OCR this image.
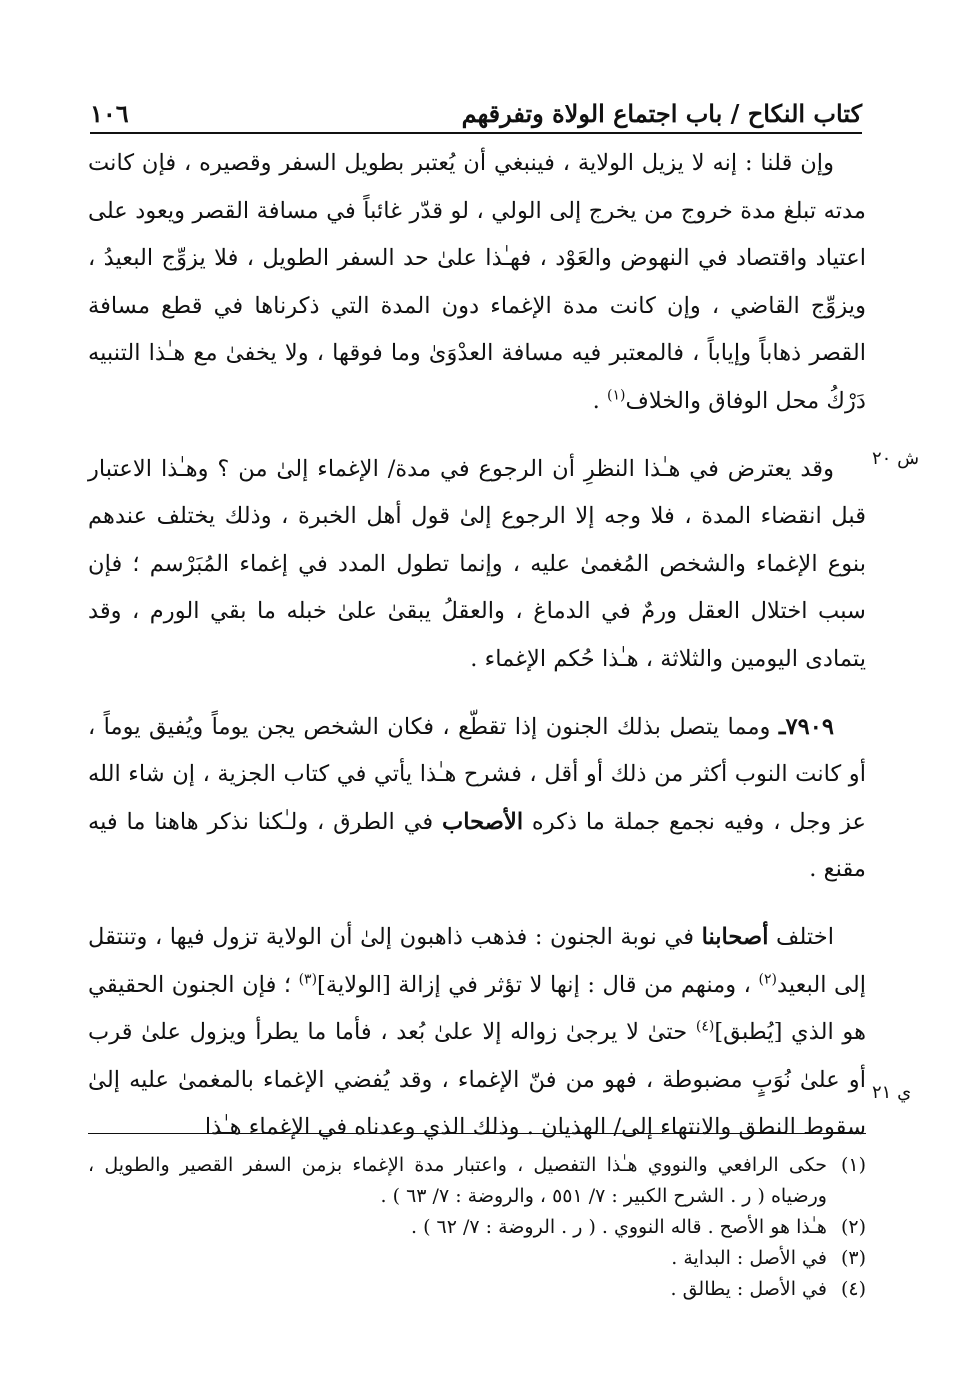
١٠٦	كتاب النكاح / باب اجتماع الولاة وتفرقهم

وإن قلنا : إنه لا يزيل الولاية ، فينبغي أن يُعتبر بطويل السفر وقصيره ، فإن كانت مدته تبلغ مدة خروج من يخرج إلى الولي ، لو قدّر غائباً في مسافة القصر ويعود على اعتياد واقتصاد في النهوض والعَوْد ، فهـٰذا علىٰ حد السفر الطويل ، فلا يزوِّج البعيدُ ، ويزوِّج القاضي ، وإن كانت مدة الإغماء دون المدة التي ذكرناها في قطع مسافة القصر ذهاباً وإياباً ، فالمعتبر فيه مسافة العدْوَىٰ وما فوقها ، ولا يخفىٰ مع هـٰذا التنبيه دَرْكُ محل الوفاق والخلاف$^{(١)}$ .

وقد يعترض في هـٰذا النظرِ أن الرجوع في مدة/ الإغماء إلىٰ من ؟ وهـٰذا الاعتبار قبل انقضاء المدة ، فلا وجه إلا الرجوع إلىٰ قول أهل الخبرة ، وذلك يختلف عندهم بنوع الإغماء والشخص المُغمىٰ عليه ، وإنما تطول المدد في إغماء المُبَرْسم ؛ فإن سبب اختلال العقل ورمٌ في الدماغ ، والعقلُ يبقىٰ علىٰ خبله ما بقي الورم ، وقد يتمادى اليومين والثلاثة ، هـٰذا حُكم الإغماء .

٧٩٠٩ـ ومما يتصل بذلك الجنون إذا تقطّع ، فكان الشخص يجن يوماً ويُفيق يوماً ، أو كانت النوب أكثر من ذلك أو أقل ، فشرح هـٰذا يأتي في كتاب الجزية ، إن شاء الله عز وجل ، وفيه نجمع جملة ما ذكره الأصحاب في الطرق ، ولـٰكنا نذكر هاهنا ما فيه مقنع .

اختلف أصحابنا في نوبة الجنون : فذهب ذاهبون إلىٰ أن الولاية تزول فيها ، وتنتقل إلى البعيد$^{(٢)}$ ، ومنهم من قال : إنها لا تؤثر في إزالة [الولاية]$^{(٣)}$ ؛ فإن الجنون الحقيقي هو الذي [يُطبق]$^{(٤)}$ حتىٰ لا يرجىٰ زواله إلا علىٰ بُعد ، فأما ما يطرأ ويزول علىٰ قرب أو علىٰ نُوَبٍ مضبوطة ، فهو من فنّ الإغماء ، وقد يُفضي الإغماء بالمغمىٰ عليه إلىٰ سقوط النطق والانتهاء إلى/ الهذيان . وذلك الذي وعدناه في الإغماء هـٰذا

ش ٢٠
ي ٢١
(١)
حكى الرافعي والنووي هـٰذا التفصيل ، واعتبار مدة الإغماء بزمن السفر القصير والطويل ، ورضياه ( ر . الشرح الكبير : ٧/ ٥٥١ ، والروضة : ٧/ ٦٣ ) .
(٢)
هـٰذا هو الأصح . قاله النووي . ( ر . الروضة : ٧/ ٦٢ ) .
(٣)
في الأصل : البداية .
(٤)
في الأصل : يطالق .
